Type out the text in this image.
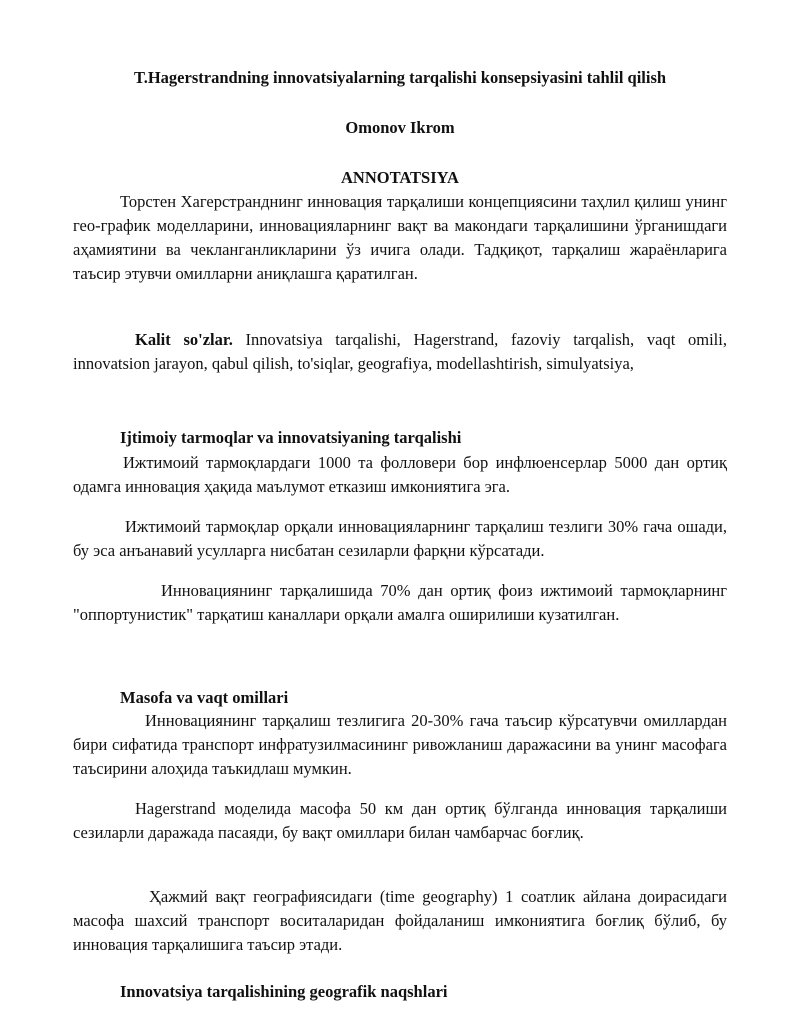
T.Hagerstrandning innovatsiyalarning tarqalishi konsepsiyasini tahlil qilish

Omonov Ikrom

ANNOTATSIYA

Торстен Хагерстранднинг инновация тарқалиши концепциясини таҳлил қилиш унинг гео-график моделларини, инновацияларнинг вақт ва макондаги тарқалишини ўрганишдаги аҳамиятини ва чекланганликларини ўз ичига олади. Тадқиқот, тарқалиш жараёнларига таъсир этувчи омилларни аниқлашга қаратилган.

Kalit so'zlar. Innovatsiya tarqalishi, Hagerstrand, fazoviy tarqalish, vaqt omili, innovatsion jarayon, qabul qilish, to'siqlar, geografiya, modellashtirish, simulyatsiya,

Ijtimoiy tarmoqlar va innovatsiyaning tarqalishi

Ижтимоий тармоқлардаги 1000 та фолловери бор инфлюенсерлар 5000 дан ортиқ одамга инновация ҳақида маълумот етказиш имкониятига эга.

Ижтимоий тармоқлар орқали инновацияларнинг тарқалиш тезлиги 30% гача ошади, бу эса анъанавий усулларга нисбатан сезиларли фарқни кўрсатади.

Инновациянинг тарқалишида 70% дан ортиқ фоиз ижтимоий тармоқларнинг "оппортунистик" тарқатиш каналлари орқали амалга оширилиши кузатилган.

Masofa va vaqt omillari

Инновациянинг тарқалиш тезлигига 20-30% гача таъсир кўрсатувчи омиллардан бири сифатида транспорт инфратузилмасининг ривожланиш даражасини ва унинг масофага таъсирини алоҳида таъкидлаш мумкин.

Hagerstrand моделида масофа 50 км дан ортиқ бўлганда инновация тарқалиши сезиларли даражада пасаяди, бу вақт омиллари билан чамбарчас боғлиқ.

Ҳажмий вақт географиясидаги (time geography) 1 соатлик айлана доирасидаги масофа шахсий транспорт воситаларидан фойдаланиш имкониятига боғлиқ бўлиб, бу инновация тарқалишига таъсир этади.

Innovatsiya tarqalishining geografik naqshlari
